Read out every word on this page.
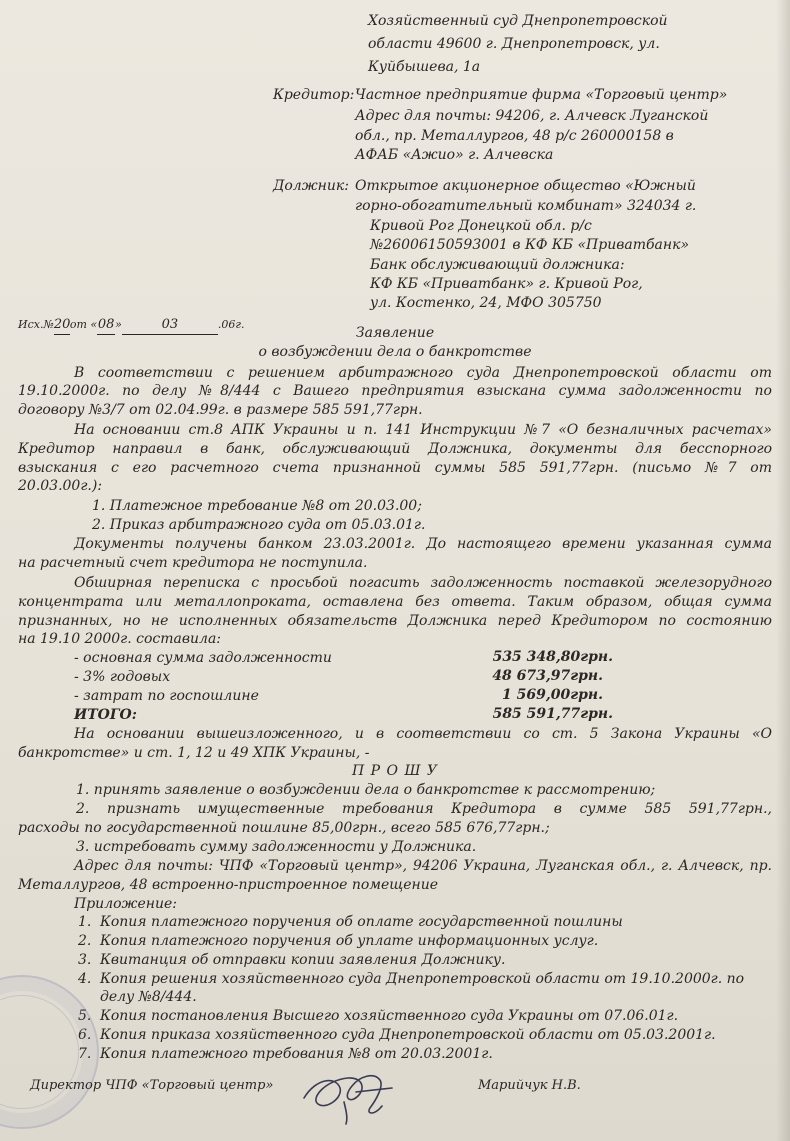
Хозяйственный суд Днепропетровской
области 49600 г. Днепропетровск, ул.
Куйбышева, 1а
Кредитор: Частное предприятие фирма «Торговый центр»
Адрес для почты: 94206, г. Алчевск Луганской
обл., пр. Металлургов, 48 р/с 260000158 в
АФАБ «Ажио» г. Алчевска
Должник: Открытое акционерное общество «Южный
горно-обогатительный комбинат» 324034 г.
Кривой Рог Донецкой обл. р/с
№26006150593001 в КФ КБ «Приватбанк»
Банк обслуживающий должника:
КФ КБ «Приватбанк» г. Кривой Рог,
ул. Костенко, 24, МФО 305750
Исх.№20от «08»	03	.06г.
Заявление
о возбуждении дела о банкротстве
В соответствии с решением арбитражного суда Днепропетровской области от
19.10.2000г. по делу №8/444 с Вашего предприятия взыскана сумма задолженности по
договору №3/7 от 02.04.99г. в размере 585 591,77грн.
На основании ст.8 АПК Украины и п. 141 Инструкции №7 «О безналичных расчетах»
Кредитор направил в банк, обслуживающий Должника, документы для бесспорного
взыскания с его расчетного счета признанной суммы 585 591,77грн. (письмо №7 от
20.03.00г.):
1. Платежное требование №8 от 20.03.00;
2. Приказ арбитражного суда от 05.03.01г.
Документы получены банком 23.03.2001г. До настоящего времени указанная сумма
на расчетный счет кредитора не поступила.
Обширная переписка с просьбой погасить задолженность поставкой железорудного
концентрата или металлопроката, оставлена без ответа. Таким образом, общая сумма
признанных, но не исполненных обязательств Должника перед Кредитором по состоянию
на 19.10 2000г. составила:
- основная сумма задолженности	535 348,80грн.
- 3% годовых	48 673,97грн.
- затрат по госпошлине	1 569,00грн.
ИТОГО:	585 591,77грн.
На основании вышеизложенного, и в соответствии со ст. 5 Закона Украины «О
банкротстве» и ст. 1, 12 и 49 ХПК Украины, -
П Р О Ш У
1. принять заявление о возбуждении дела о банкротстве к рассмотрению;
2. признать имущественные требования Кредитора в сумме 585 591,77грн.,
расходы по государственной пошлине 85,00грн., всего 585 676,77грн.;
3. истребовать сумму задолженности у Должника.
Адрес для почты: ЧПФ «Торговый центр», 94206 Украина, Луганская обл., г. Алчевск, пр.
Металлургов, 48 встроенно-пристроенное помещение
Приложение:
1. Копия платежного поручения об оплате государственной пошлины
2. Копия платежного поручения об уплате информационных услуг.
3. Квитанция об отправки копии заявления Должнику.
4. Копия решения хозяйственного суда Днепропетровской области от 19.10.2000г. по
делу №8/444.
5. Копия постановления Высшего хозяйственного суда Украины от 07.06.01г.
6. Копия приказа хозяйственного суда Днепропетровской области от 05.03.2001г.
7. Копия платежного требования №8 от 20.03.2001г.
Директор ЧПФ «Торговый центр»	Марийчук Н.В.
